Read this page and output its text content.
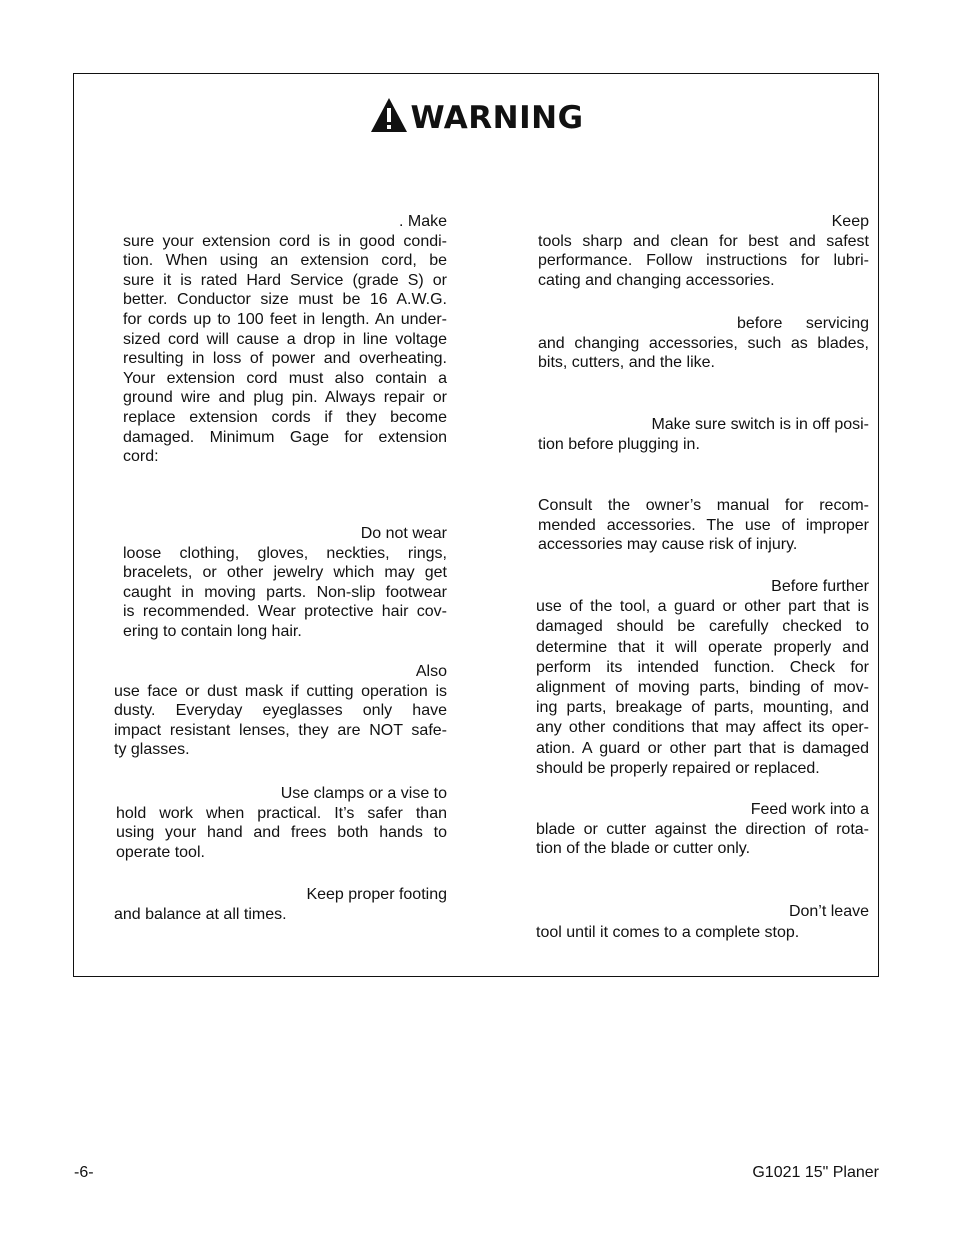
WARNING
. Make
sure your extension cord is in good condi-
tion. When using an extension cord, be
sure it is rated Hard Service (grade S) or
better. Conductor size must be 16 A.W.G.
for cords up to 100 feet in length. An under-
sized cord will cause a drop in line voltage
resulting in loss of power and overheating.
Your extension cord must also contain a
ground wire and plug pin. Always repair or
replace extension cords if they become
damaged. Minimum Gage for extension
cord:
Do not wear
loose clothing, gloves, neckties, rings,
bracelets, or other jewelry which may get
caught in moving parts. Non-slip footwear
is recommended. Wear protective hair cov-
ering to contain long hair.
Also
use face or dust mask if cutting operation is
dusty. Everyday eyeglasses only have
impact resistant lenses, they are NOT safe-
ty glasses.
Use clamps or a vise to
hold work when practical. It’s safer than
using your hand and frees both hands to
operate tool.
Keep proper footing
and balance at all times.
Keep
tools sharp and clean for best and safest
performance. Follow instructions for lubri-
cating and changing accessories.
before servicing
and changing accessories, such as blades,
bits, cutters, and the like.
Make sure switch is in off posi-
tion before plugging in.
Consult the owner’s manual for recom-
mended accessories. The use of improper
accessories may cause risk of injury.
Before further
use of the tool, a guard or other part that is
damaged should be carefully checked to
determine that it will operate properly and
perform its intended function. Check for
alignment of moving parts, binding of mov-
ing parts, breakage of parts, mounting, and
any other conditions that may affect its oper-
ation. A guard or other part that is damaged
should be properly repaired or replaced.
Feed work into a
blade or cutter against the direction of rota-
tion of the blade or cutter only.
Don’t leave
tool until it comes to a complete stop.
-6-	G1021 15" Planer
